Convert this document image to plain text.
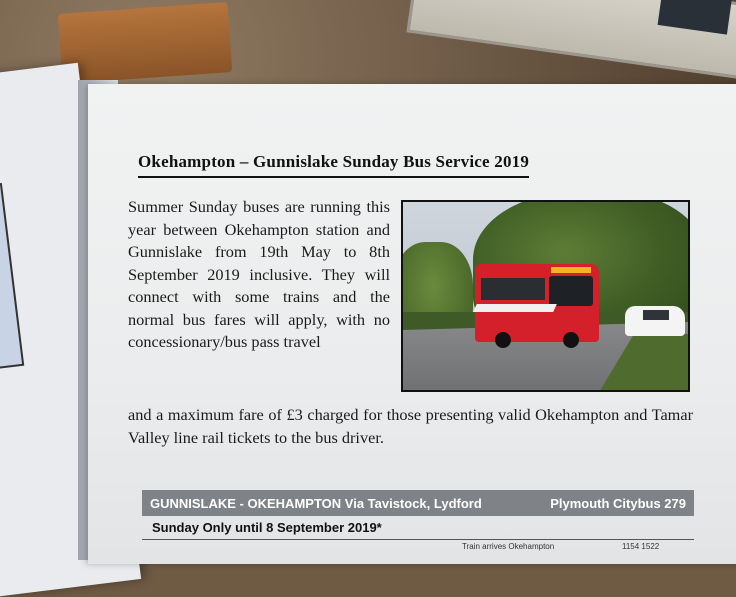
Okehampton – Gunnislake Sunday Bus Service 2019
Summer Sunday buses are running this year between Okehampton station and Gunnislake from 19th May to 8th September 2019 inclusive. They will connect with some trains and the normal bus fares will apply, with no concessionary/bus pass travel
and a maximum fare of £3 charged for those presenting valid Okehampton and Tamar Valley line rail tickets to the bus driver.
GUNNISLAKE - OKEHAMPTON Via Tavistock, Lydford	Plymouth Citybus 279
Sunday Only until 8 September 2019*
Train arrives Okehampton	1154 1522
